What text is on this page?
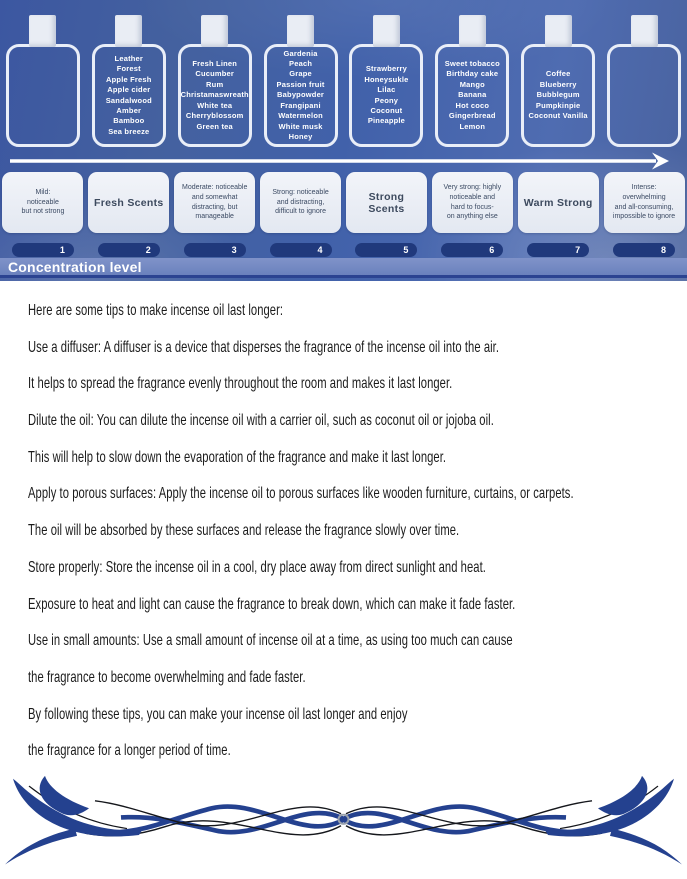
Leather
Forest
Apple Fresh
Apple cider
Sandalwood
Amber
Bamboo
Sea breeze
Fresh Linen
Cucumber
Rum
Christamaswreath
White tea
Cherryblossom
Green tea
Gardenia
Peach
Grape
Passion fruit
Babypowder
Frangipani
Watermelon
White musk
Honey
Strawberry
Honeysukle
Lilac
Peony
Coconut
Pineapple
Sweet tobacco
Birthday cake
Mango
Banana
Hot coco
Gingerbread Lemon
Coffee
Blueberry
Bubblegum
Pumpkinpie
Coconut Vanilla
Mild:
noticeable
but not strong
Fresh Scents
Moderate: noticeable
and somewhat
distracting, but
manageable
Strong: noticeable
and distracting,
difficult to ignore
Strong Scents
Very strong: highly
noticeable and
hard to focus-
on anything else
Warm Strong
Intense:
overwhelming
and all-consuming,
impossible to ignore
1	2	3	4	5	6	7	8
Concentration level

Here are some tips to make incense oil last longer:

Use a diffuser: A diffuser is a device that disperses the fragrance of the incense oil into the air.

It helps to spread the fragrance evenly throughout the room and makes it last longer.

Dilute the oil: You can dilute the incense oil with a carrier oil, such as coconut oil or jojoba oil.

This will help to slow down the evaporation of the fragrance and make it last longer.

Apply to porous surfaces: Apply the incense oil to porous surfaces like wooden furniture, curtains, or carpets.

The oil will be absorbed by these surfaces and release the fragrance slowly over time.

Store properly: Store the incense oil in a cool, dry place away from direct sunlight and heat.

Exposure to heat and light can cause the fragrance to break down, which can make it fade faster.

Use in small amounts: Use a small amount of incense oil at a time, as using too much can cause

the fragrance to become overwhelming and fade faster.

By following these tips, you can make your incense oil last longer and enjoy

the fragrance for a longer period of time.
